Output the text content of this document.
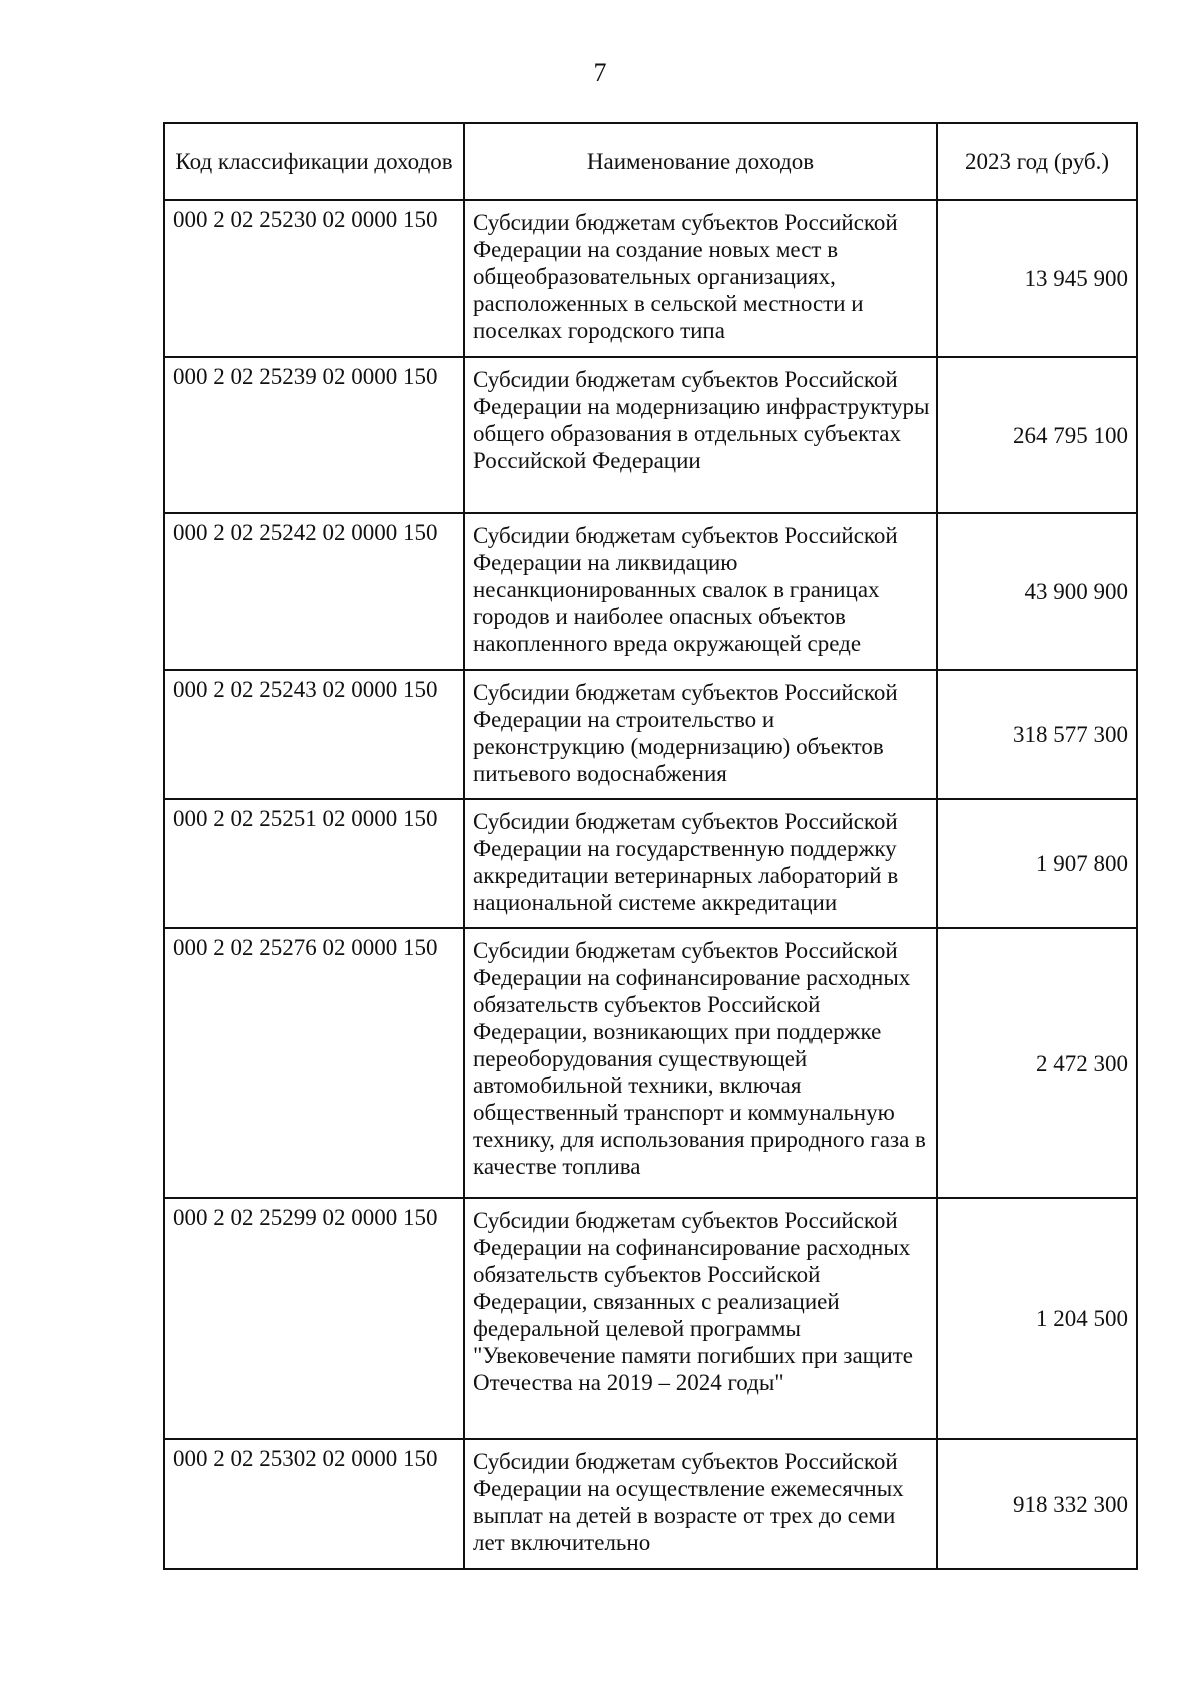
7
Код классификации доходов	Наименование доходов	2023 год (руб.)
000 2 02 25230 02 0000 150	Субсидии бюджетам субъектов Российской Федерации на создание новых мест в общеобразовательных организациях, расположенных в сельской местности и поселках городского типа	13 945 900
000 2 02 25239 02 0000 150	Субсидии бюджетам субъектов Российской Федерации на модернизацию инфраструктуры общего образования в отдельных субъектах Российской Федерации	264 795 100
000 2 02 25242 02 0000 150	Субсидии бюджетам субъектов Российской Федерации на ликвидацию несанкционированных свалок в границах городов и наиболее опасных объектов накопленного вреда окружающей среде	43 900 900
000 2 02 25243 02 0000 150	Субсидии бюджетам субъектов Российской Федерации на строительство и реконструкцию (модернизацию) объектов питьевого водоснабжения	318 577 300
000 2 02 25251 02 0000 150	Субсидии бюджетам субъектов Российской Федерации на государственную поддержку аккредитации ветеринарных лабораторий в национальной системе аккредитации	1 907 800
000 2 02 25276 02 0000 150	Субсидии бюджетам субъектов Российской Федерации на софинансирование расходных обязательств субъектов Российской Федерации, возникающих при поддержке переоборудования существующей автомобильной техники, включая общественный транспорт и коммунальную технику, для использования природного газа в качестве топлива	2 472 300
000 2 02 25299 02 0000 150	Субсидии бюджетам субъектов Российской Федерации на софинансирование расходных обязательств субъектов Российской Федерации, связанных с реализацией федеральной целевой программы "Увековечение памяти погибших при защите Отечества на 2019 – 2024 годы"	1 204 500
000 2 02 25302 02 0000 150	Субсидии бюджетам субъектов Российской Федерации на осуществление ежемесячных выплат на детей в возрасте от трех до семи лет включительно	918 332 300
